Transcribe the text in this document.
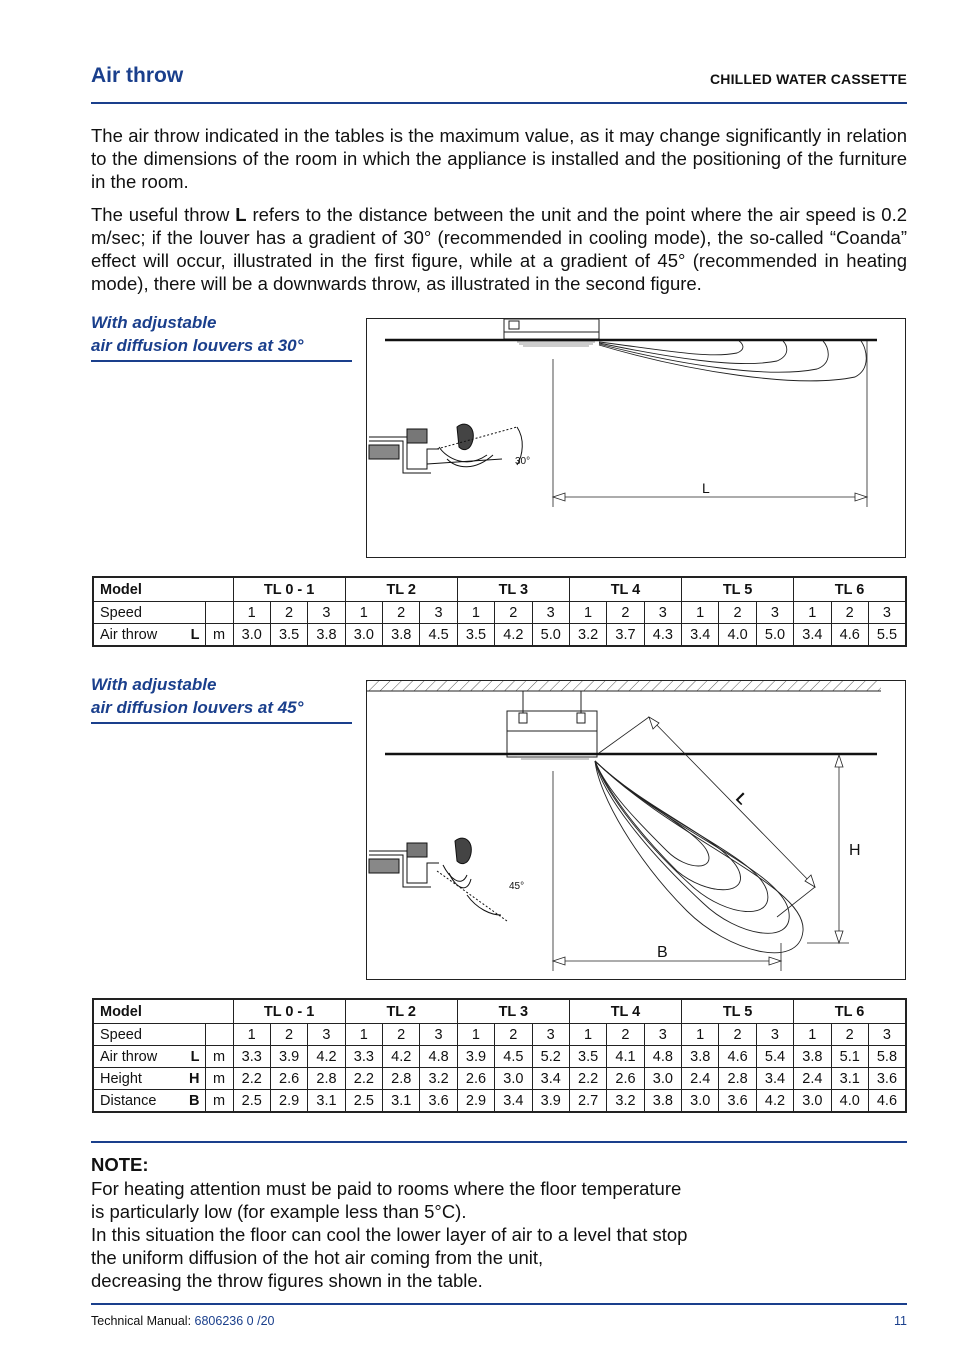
Air throw	CHILLED WATER CASSETTE
The air throw indicated in the tables is the maximum value, as it may change significantly in relation to the dimensions of the room in which the appliance is installed and the positioning of the furniture in the room.
The useful throw L refers to the distance between the unit and the point where the air speed is 0.2 m/sec; if the louver has a gradient of 30° (recommended in cooling mode), the so-called “Coanda” effect will occur, illustrated in the first figure, while at a gradient of 45° (recommended in heating mode), there will be a downwards throw, as illustrated in the second figure.
With adjustable
air diffusion louvers at 30°
L
30°
Model			TL 0 - 1			TL 2			TL 3			TL 4			TL 5			TL 6		
Speed			1	2	3	1	2	3	1	2	3	1	2	3	1	2	3	1	2	3
Air throw	L	m	3.0	3.5	3.8	3.0	3.8	4.5	3.5	4.2	5.0	3.2	3.7	4.3	3.4	4.0	5.0	3.4	4.6	5.5
With adjustable
air diffusion louvers at 45°
L
H
B
45°
Model			TL 0 - 1			TL 2			TL 3			TL 4			TL 5			TL 6		
Speed			1	2	3	1	2	3	1	2	3	1	2	3	1	2	3	1	2	3
Air throw	L	m	3.3	3.9	4.2	3.3	4.2	4.8	3.9	4.5	5.2	3.5	4.1	4.8	3.8	4.6	5.4	3.8	5.1	5.8
Height	H	m	2.2	2.6	2.8	2.2	2.8	3.2	2.6	3.0	3.4	2.2	2.6	3.0	2.4	2.8	3.4	2.4	3.1	3.6
Distance	B	m	2.5	2.9	3.1	2.5	3.1	3.6	2.9	3.4	3.9	2.7	3.2	3.8	3.0	3.6	4.2	3.0	4.0	4.6
NOTE:
For heating attention must be paid to rooms where the floor temperature
is particularly low (for example less than 5°C).
In this situation the floor can cool the lower layer of air to a level that stop
the uniform diffusion of the hot air coming from the unit,
decreasing the throw figures shown in the table.
Technical Manual: 6806236 0 /20	11
